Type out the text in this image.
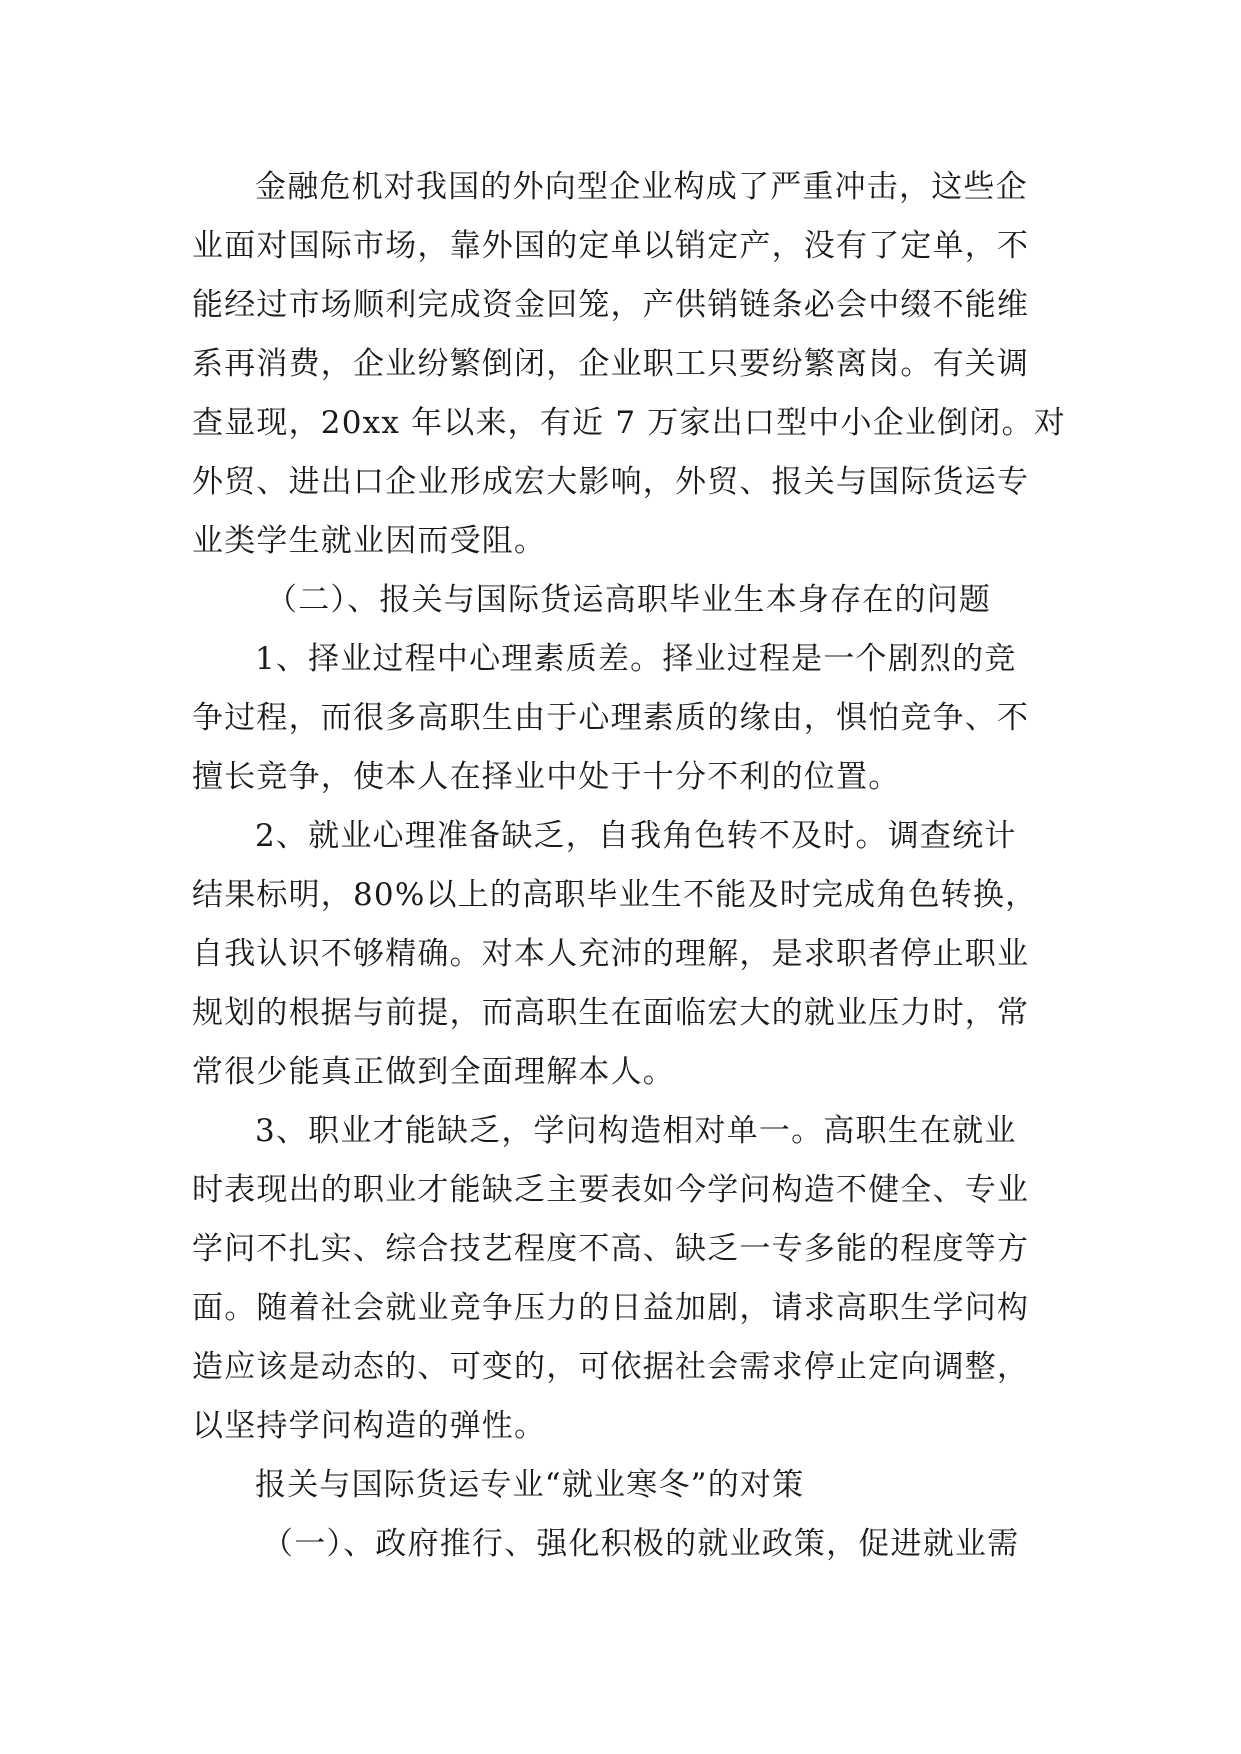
金融危机对我国的外向型企业构成了严重冲击，这些企
业面对国际市场，靠外国的定单以销定产，没有了定单，不
能经过市场顺利完成资金回笼，产供销链条必会中缀不能维
系再消费，企业纷繁倒闭，企业职工只要纷繁离岗。有关调
查显现，20xx 年以来，有近 7 万家出口型中小企业倒闭。对
外贸、进出口企业形成宏大影响，外贸、报关与国际货运专
业类学生就业因而受阻。
（二）、报关与国际货运高职毕业生本身存在的问题
1、择业过程中心理素质差。择业过程是一个剧烈的竞
争过程，而很多高职生由于心理素质的缘由，惧怕竞争、不
擅长竞争，使本人在择业中处于十分不利的位置。
2、就业心理准备缺乏，自我角色转不及时。调查统计
结果标明，80%以上的高职毕业生不能及时完成角色转换，
自我认识不够精确。对本人充沛的理解，是求职者停止职业
规划的根据与前提，而高职生在面临宏大的就业压力时，常
常很少能真正做到全面理解本人。
3、职业才能缺乏，学问构造相对单一。高职生在就业
时表现出的职业才能缺乏主要表如今学问构造不健全、专业
学问不扎实、综合技艺程度不高、缺乏一专多能的程度等方
面。随着社会就业竞争压力的日益加剧，请求高职生学问构
造应该是动态的、可变的，可依据社会需求停止定向调整，
以坚持学问构造的弹性。
报关与国际货运专业“就业寒冬”的对策
（一）、政府推行、强化积极的就业政策，促进就业需
